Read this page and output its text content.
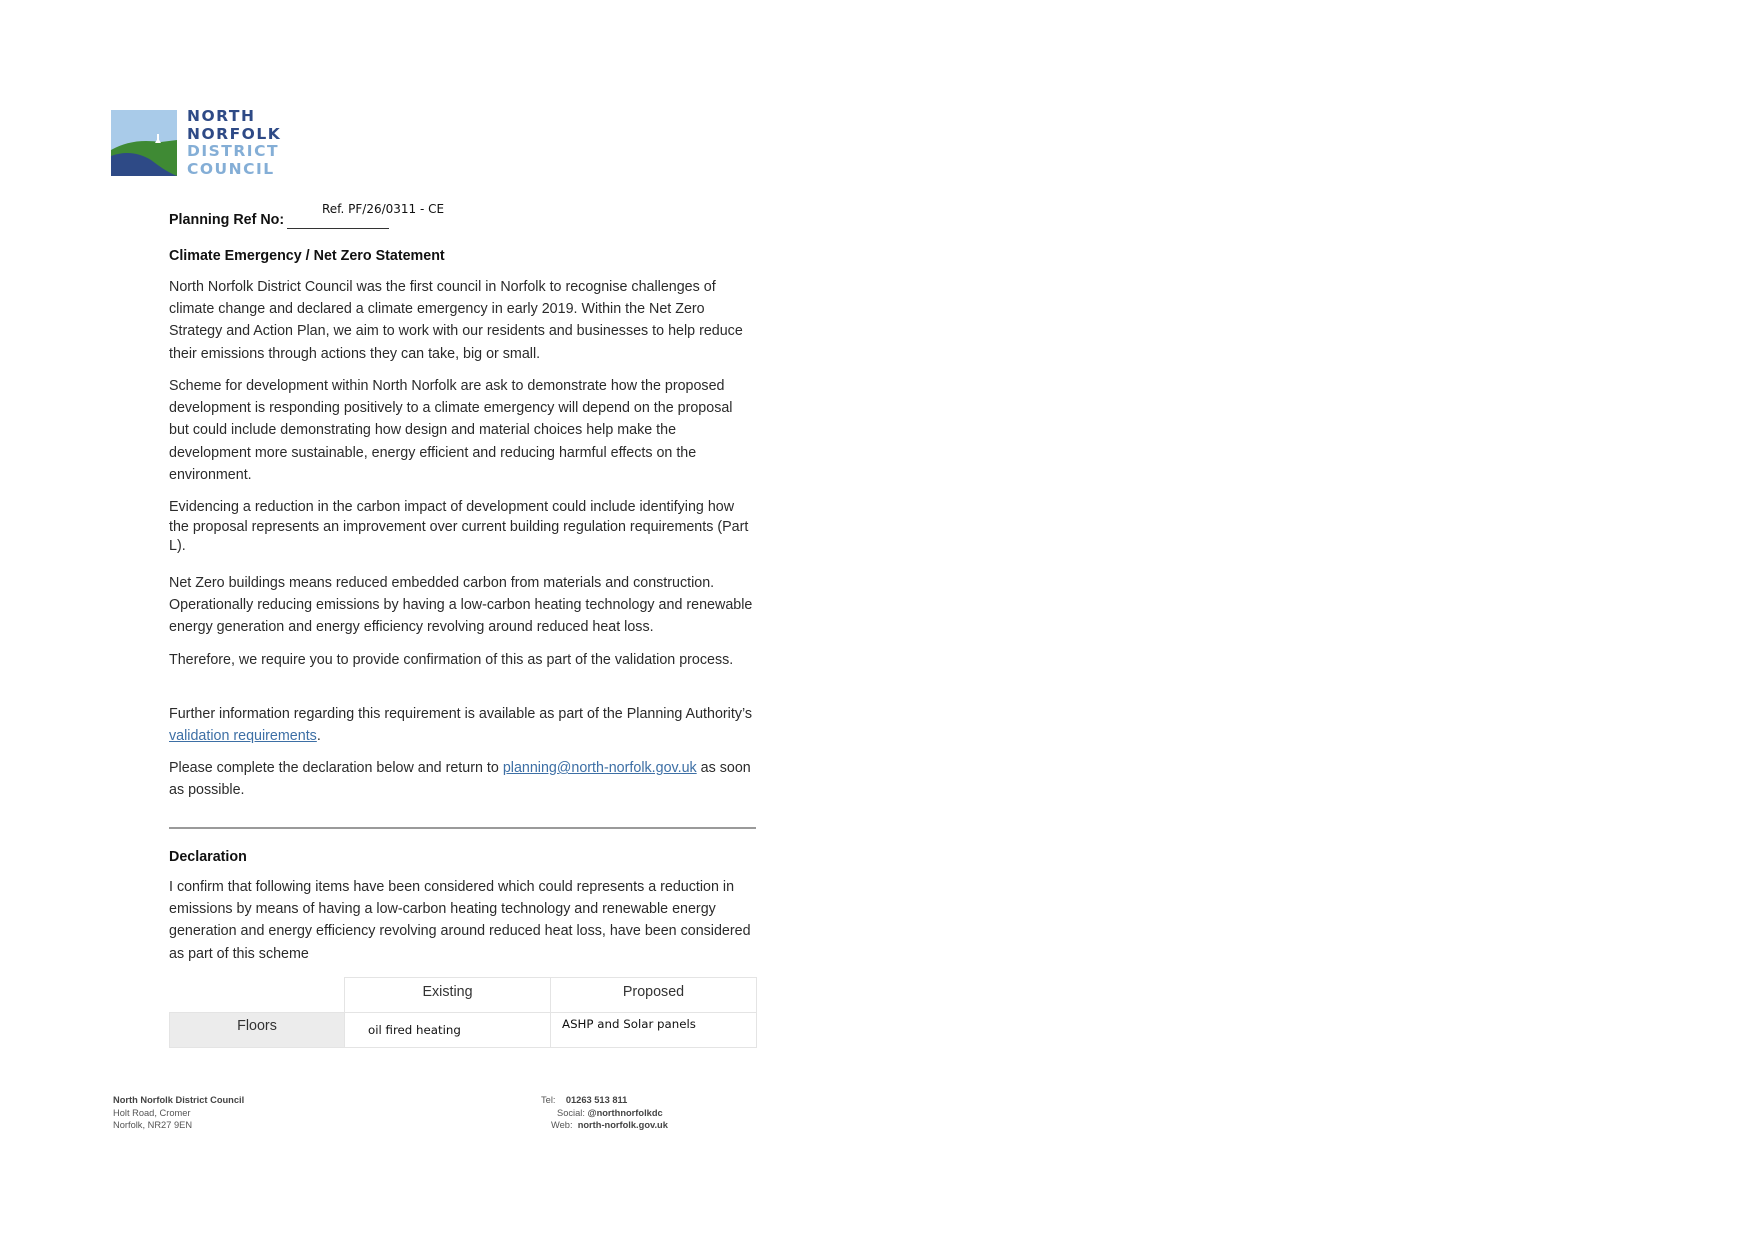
NORTH
NORFOLK
DISTRICT
COUNCIL
Planning Ref No:
Ref. PF/26/0311 - CE
Climate Emergency / Net Zero Statement
North Norfolk District Council was the first council in Norfolk to recognise challenges of climate change and declared a climate emergency in early 2019. Within the Net Zero Strategy and Action Plan, we aim to work with our residents and businesses to help reduce their emissions through actions they can take, big or small.
Scheme for development within North Norfolk are ask to demonstrate how the proposed development is responding positively to a climate emergency will depend on the proposal but could include demonstrating how design and material choices help make the development more sustainable, energy efficient and reducing harmful effects on the environment.
Evidencing a reduction in the carbon impact of development could include identifying how the proposal represents an improvement over current building regulation requirements (Part L).
Net Zero buildings means reduced embedded carbon from materials and construction. Operationally reducing emissions by having a low-carbon heating technology and renewable energy generation and energy efficiency revolving around reduced heat loss.
Therefore, we require you to provide confirmation of this as part of the validation process.
Further information regarding this requirement is available as part of the Planning Authority’s validation requirements.
Please complete the declaration below and return to planning@north-norfolk.gov.uk as soon as possible.
Declaration
I confirm that following items have been considered which could represents a reduction in emissions by means of having a low-carbon heating technology and renewable energy generation and energy efficiency revolving around reduced heat loss, have been considered as part of this scheme
	Existing	Proposed
Floors	oil fired heating	ASHP and Solar panels
North Norfolk District Council
Holt Road, Cromer
Norfolk, NR27 9EN
Tel: 01263 513 811
Social: @northnorfolkdc
Web: north-norfolk.gov.uk
